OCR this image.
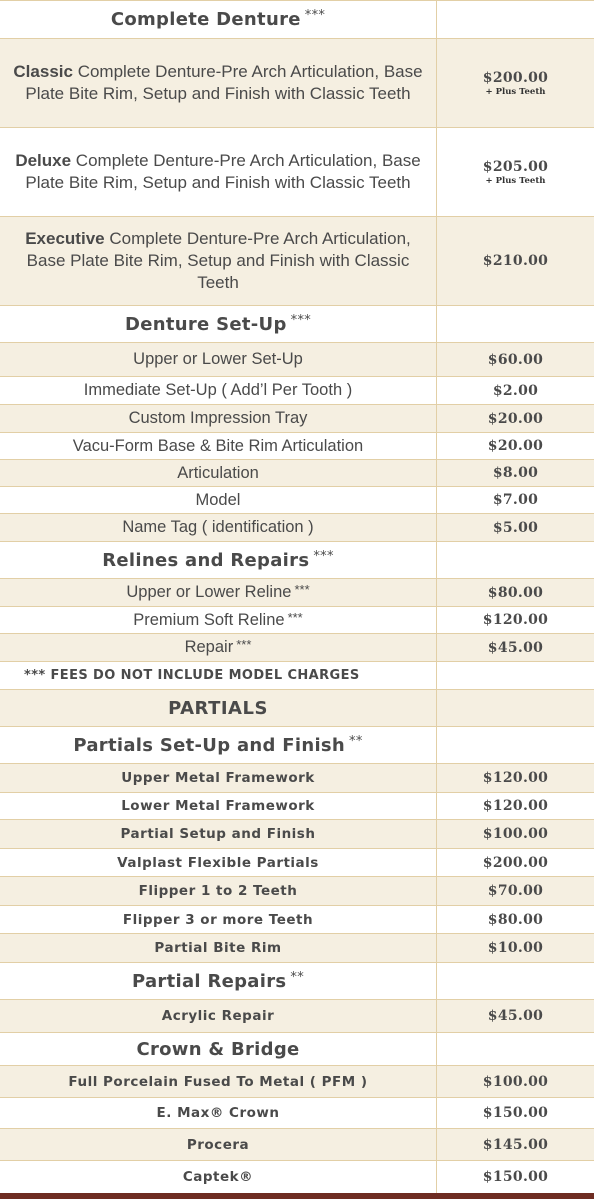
Complete Denture ***
Classic Complete Denture-Pre Arch Articulation, Base Plate Bite Rim, Setup and Finish with Classic Teeth
$200.00
+ Plus Teeth
Deluxe Complete Denture-Pre Arch Articulation, Base Plate Bite Rim, Setup and Finish with Classic Teeth
$205.00
+ Plus Teeth
Executive Complete Denture-Pre Arch Articulation, Base Plate Bite Rim, Setup and Finish with Classic Teeth
$210.00
Denture Set-Up ***
Upper or Lower Set-Up	$60.00
Immediate Set-Up ( Add’l Per Tooth )	$2.00
Custom Impression Tray	$20.00
Vacu-Form Base & Bite Rim Articulation	$20.00
Articulation	$8.00
Model	$7.00
Name Tag ( identification )	$5.00
Relines and Repairs ***
Upper or Lower Reline ***	$80.00
Premium Soft Reline ***	$120.00
Repair ***	$45.00
*** FEES DO NOT INCLUDE MODEL CHARGES
PARTIALS
Partials Set-Up and Finish **
Upper Metal Framework	$120.00
Lower Metal Framework	$120.00
Partial Setup and Finish	$100.00
Valplast Flexible Partials	$200.00
Flipper 1 to 2 Teeth	$70.00
Flipper 3 or more Teeth	$80.00
Partial Bite Rim	$10.00
Partial Repairs **
Acrylic Repair	$45.00
Crown & Bridge
Full Porcelain Fused To Metal ( PFM )	$100.00
E. Max® Crown	$150.00
Procera	$145.00
Captek®	$150.00
